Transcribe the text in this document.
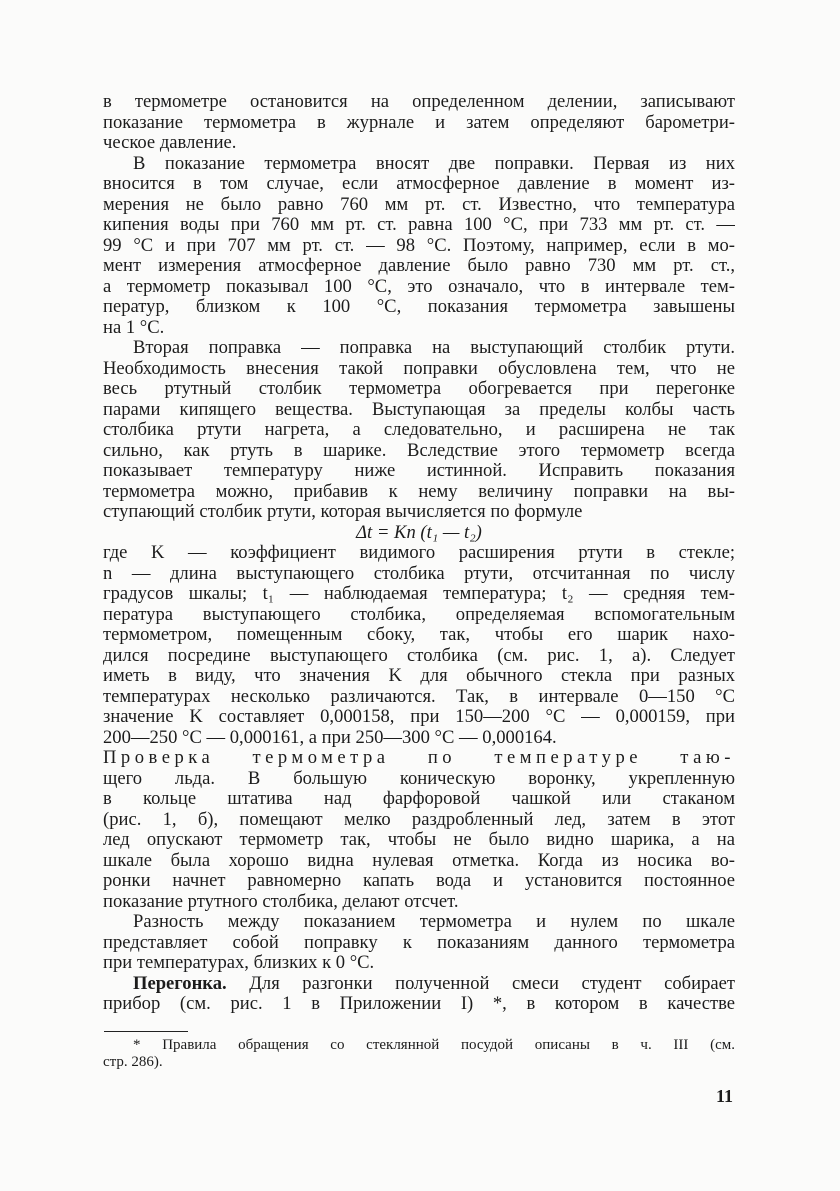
в термометре остановится на определенном делении, записывают
показание термометра в журнале и затем определяют барометри-
ческое давление.
В показание термометра вносят две поправки. Первая из них
вносится в том случае, если атмосферное давление в момент из-
мерения не было равно 760 мм рт. ст. Известно, что температура
кипения воды при 760 мм рт. ст. равна 100 °С, при 733 мм рт. ст. —
99 °С и при 707 мм рт. ст. — 98 °С. Поэтому, например, если в мо-
мент измерения атмосферное давление было равно 730 мм рт. ст.,
а термометр показывал 100 °С, это означало, что в интервале тем-
ператур, близком к 100 °С, показания термометра завышены
на 1 °С.
Вторая поправка — поправка на выступающий столбик ртути.
Необходимость внесения такой поправки обусловлена тем, что не
весь ртутный столбик термометра обогревается при перегонке
парами кипящего вещества. Выступающая за пределы колбы часть
столбика ртути нагрета, а следовательно, и расширена не так
сильно, как ртуть в шарике. Вследствие этого термометр всегда
показывает температуру ниже истинной. Исправить показания
термометра можно, прибавив к нему величину поправки на вы-
ступающий столбик ртути, которая вычисляется по формуле
Δt = Kn (t₁ — t₂)
где K — коэффициент видимого расширения ртути в стекле;
n — длина выступающего столбика ртути, отсчитанная по числу
градусов шкалы; t₁ — наблюдаемая температура; t₂ — средняя тем-
пература выступающего столбика, определяемая вспомогательным
термометром, помещенным сбоку, так, чтобы его шарик нахо-
дился посредине выступающего столбика (см. рис. 1, а). Следует
иметь в виду, что значения K для обычного стекла при разных
температурах несколько различаются. Так, в интервале 0—150 °С
значение K составляет 0,000158, при 150—200 °С — 0,000159, при
200—250 °С — 0,000161, а при 250—300 °С — 0,000164.
Проверка термометра по температуре таю-
щего льда. В большую коническую воронку, укрепленную
в кольце штатива над фарфоровой чашкой или стаканом
(рис. 1, б), помещают мелко раздробленный лед, затем в этот
лед опускают термометр так, чтобы не было видно шарика, а на
шкале была хорошо видна нулевая отметка. Когда из носика во-
ронки начнет равномерно капать вода и установится постоянное
показание ртутного столбика, делают отсчет.
Разность между показанием термометра и нулем по шкале
представляет собой поправку к показаниям данного термометра
при температурах, близких к 0 °С.
Перегонка. Для разгонки полученной смеси студент собирает
прибор (см. рис. 1 в Приложении I) *, в котором в качестве
* Правила обращения со стеклянной посудой описаны в ч. III (см.
стр. 286).
11
